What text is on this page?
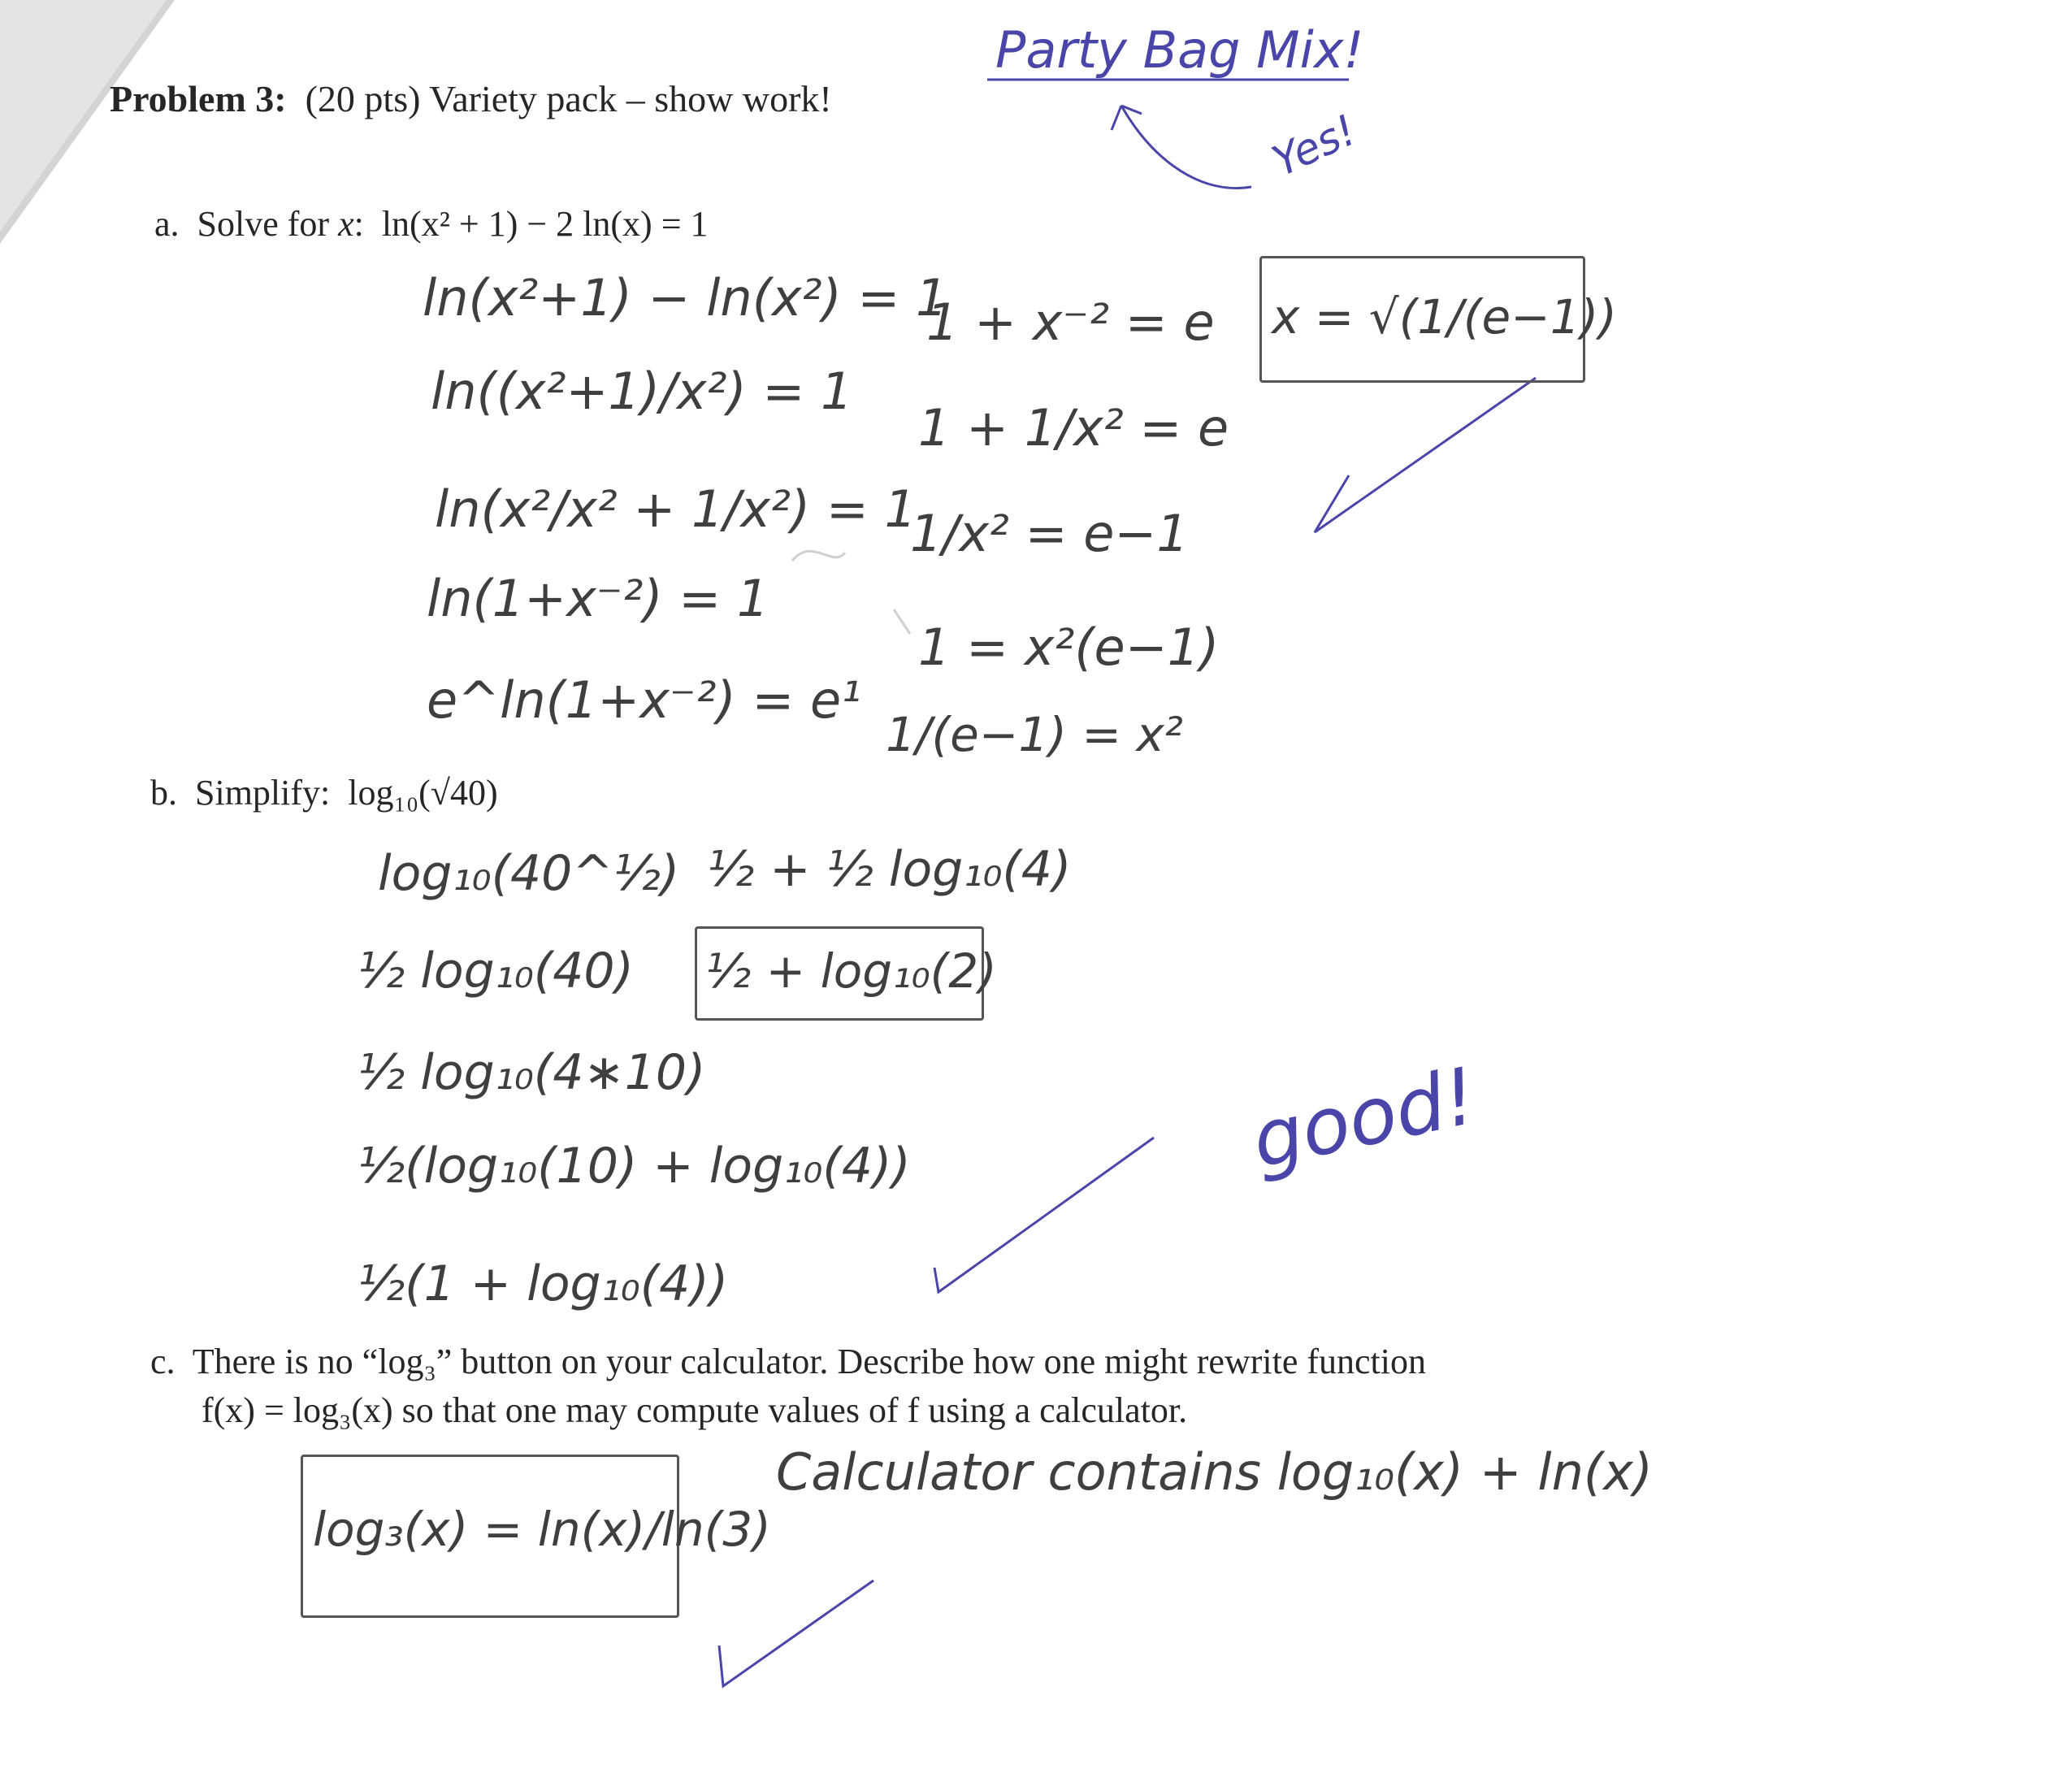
Problem 3: (20 pts) Variety pack – show work!
Party Bag Mix!
Yes!
a. Solve for x:  ln(x² + 1) − 2 ln(x) = 1
ln(x²+1) − ln(x²) = 1
ln((x²+1)/x²) = 1
ln(x²/x² + 1/x²) = 1
ln(1+x⁻²) = 1
e^ln(1+x⁻²) = e¹
1 + x⁻² = e
1 + 1/x² = e
1/x² = e−1
1 = x²(e−1)
1/(e−1) = x²
x = √(1/(e−1))
b. Simplify: log₁₀(√40)
log₁₀(40^½)
½ log₁₀(40)
½ log₁₀(4∗10)
½(log₁₀(10) + log₁₀(4))
½(1 + log₁₀(4))
½ + ½ log₁₀(4)
½ + log₁₀(2)
good!
c. There is no “log₃” button on your calculator. Describe how one might rewrite function
f(x) = log₃(x) so that one may compute values of f using a calculator.
log₃(x) = ln(x)/ln(3)
Calculator contains log₁₀(x) + ln(x)
